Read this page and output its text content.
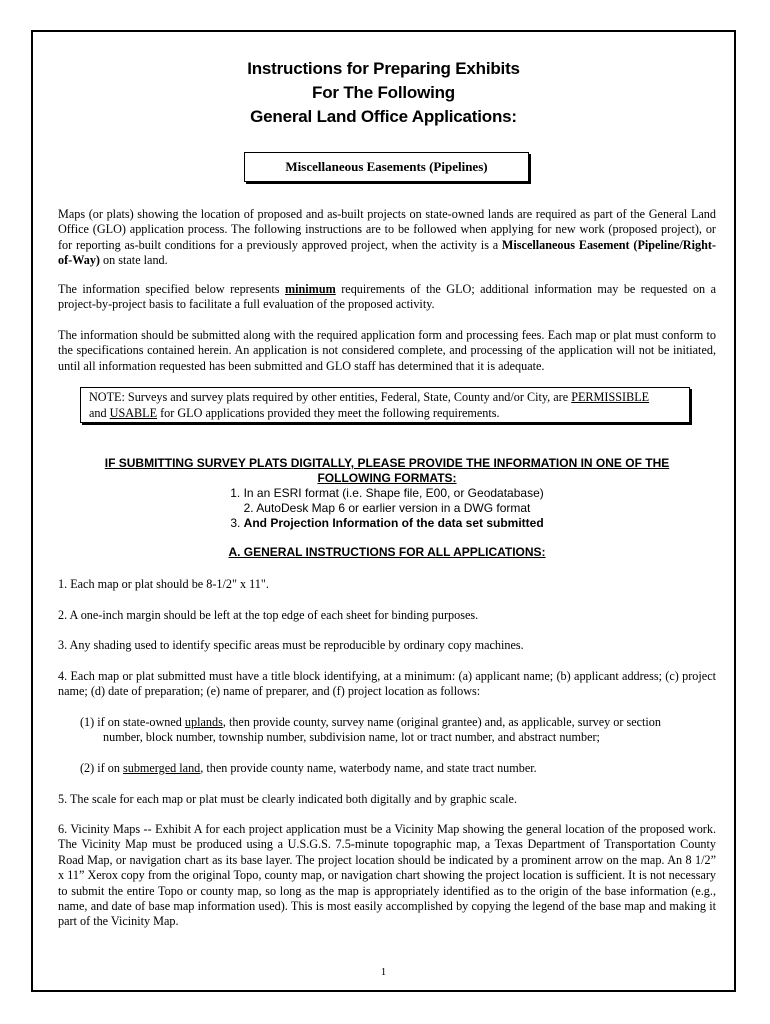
Instructions for Preparing Exhibits
For The Following
General Land Office Applications:
Miscellaneous Easements (Pipelines)

Maps (or plats) showing the location of proposed and as-built projects on state-owned lands are required as part of the General Land Office (GLO) application process. The following instructions are to be followed when applying for new work (proposed project), or for reporting as-built conditions for a previously approved project, when the activity is a Miscellaneous Easement (Pipeline/Right-of-Way) on state land.

The information specified below represents minimum requirements of the GLO; additional information may be requested on a project-by-project basis to facilitate a full evaluation of the proposed activity.

The information should be submitted along with the required application form and processing fees. Each map or plat must conform to the specifications contained herein. An application is not considered complete, and processing of the application will not be initiated, until all information requested has been submitted and GLO staff has determined that it is adequate.

NOTE: Surveys and survey plats required by other entities, Federal, State, County and/or City, are PERMISSIBLE
and USABLE for GLO applications provided they meet the following requirements.
IF SUBMITTING SURVEY PLATS DIGITALLY, PLEASE PROVIDE THE INFORMATION IN ONE OF THE
FOLLOWING FORMATS:
1. In an ESRI format (i.e. Shape file, E00, or Geodatabase)
2. AutoDesk Map 6 or earlier version in a DWG format
3. And Projection Information of the data set submitted
A. GENERAL INSTRUCTIONS FOR ALL APPLICATIONS:
1. Each map or plat should be 8-1/2" x 11".
2. A one-inch margin should be left at the top edge of each sheet for binding purposes.
3. Any shading used to identify specific areas must be reproducible by ordinary copy machines.
4. Each map or plat submitted must have a title block identifying, at a minimum: (a) applicant name; (b) applicant address; (c) project name; (d) date of preparation; (e) name of preparer, and (f) project location as follows:
(1) if on state-owned uplands, then provide county, survey name (original grantee) and, as applicable, survey or section
number, block number, township number, subdivision name, lot or tract number, and abstract number;
(2) if on submerged land, then provide county name, waterbody name, and state tract number.
5. The scale for each map or plat must be clearly indicated both digitally and by graphic scale.
6. Vicinity Maps -- Exhibit A for each project application must be a Vicinity Map showing the general location of the proposed work. The Vicinity Map must be produced using a U.S.G.S. 7.5-minute topographic map, a Texas Department of Transportation County Road Map, or navigation chart as its base layer. The project location should be indicated by a prominent arrow on the map. An 8 1/2” x 11” Xerox copy from the original Topo, county map, or navigation chart showing the project location is sufficient. It is not necessary to submit the entire Topo or county map, so long as the map is appropriately identified as to the origin of the base information (e.g., name, and date of base map information used). This is most easily accomplished by copying the legend of the base map and making it part of the Vicinity Map.
1
